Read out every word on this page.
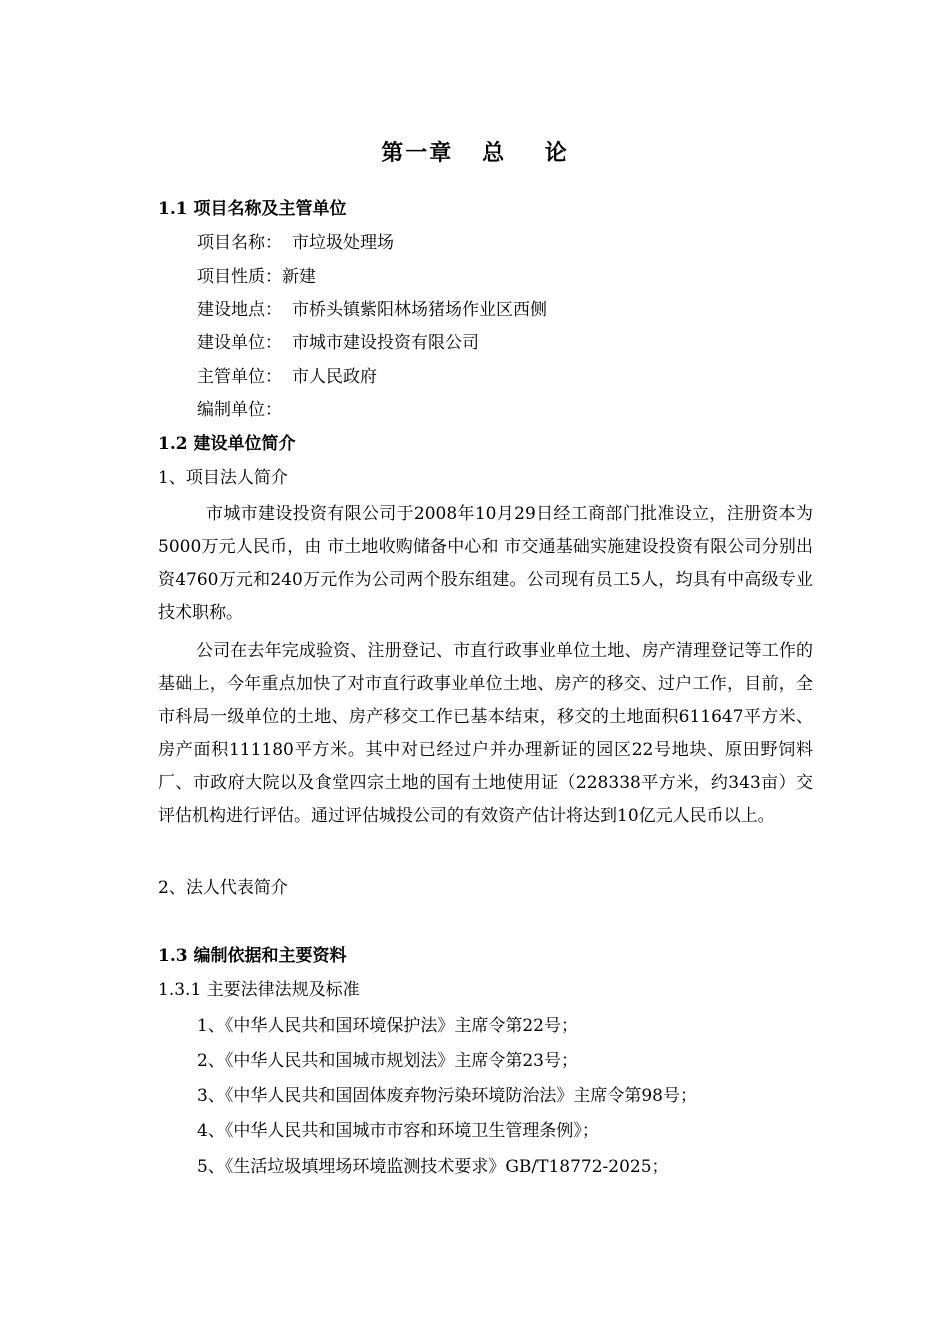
第一章   总    论
1.1 项目名称及主管单位
项目名称： 市垃圾处理场
项目性质：新建
建设地点： 市桥头镇紫阳林场猪场作业区西侧
建设单位： 市城市建设投资有限公司
主管单位： 市人民政府
编制单位：
1.2 建设单位简介
1、项目法人简介
市城市建设投资有限公司于2008年10月29日经工商部门批准设立，注册资本为5000万元人民币，由 市土地收购储备中心和 市交通基础实施建设投资有限公司分别出资4760万元和240万元作为公司两个股东组建。公司现有员工5人，均具有中高级专业技术职称。
公司在去年完成验资、注册登记、市直行政事业单位土地、房产清理登记等工作的基础上，今年重点加快了对市直行政事业单位土地、房产的移交、过户工作，目前，全市科局一级单位的土地、房产移交工作已基本结束，移交的土地面积611647平方米、房产面积111180平方米。其中对已经过户并办理新证的园区22号地块、原田野饲料厂、市政府大院以及食堂四宗土地的国有土地使用证（228338平方米，约343亩）交评估机构进行评估。通过评估城投公司的有效资产估计将达到10亿元人民币以上。
2、法人代表简介
1.3 编制依据和主要资料
1.3.1 主要法律法规及标准
1、《中华人民共和国环境保护法》主席令第22号；
2、《中华人民共和国城市规划法》主席令第23号；
3、《中华人民共和国固体废弃物污染环境防治法》主席令第98号；
4、《中华人民共和国城市市容和环境卫生管理条例》；
5、《生活垃圾填埋场环境监测技术要求》GB/T18772-2025；
